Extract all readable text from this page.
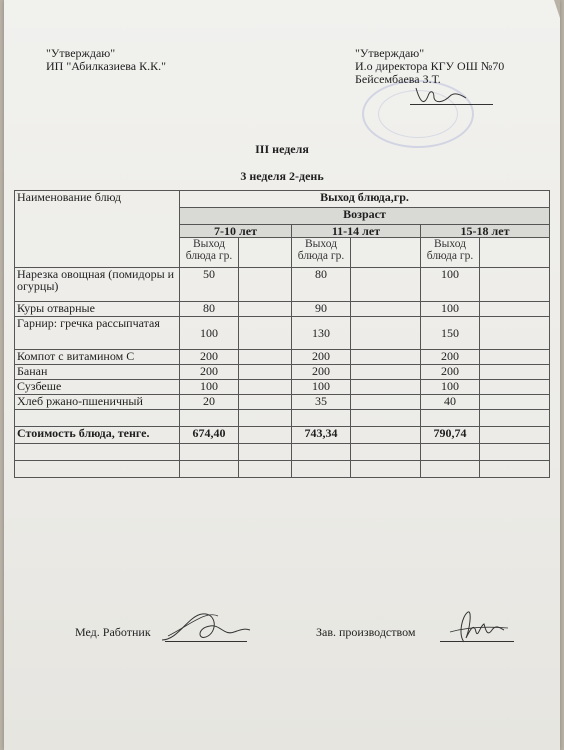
"Утверждаю"
ИП "Абилказиева К.К."
"Утверждаю"
И.о директора КГУ ОШ №70
Бейсембаева З.Т.
III неделя
3 неделя 2-день
Наименование блюд	Выход блюда,гр.					
	Возраст					
	7-10 лет		11-14 лет		15-18 лет	
	Выход блюда гр.		Выход блюда гр.		Выход блюда гр.	
Нарезка овощная (помидоры и огурцы)	50		80		100	
Куры отварные	80		90		100	
Гарнир: гречка рассыпчатая	100		130		150	
Компот с витамином С	200		200		200	
Банан	200		200		200	
Сузбеше	100		100		100	
Хлеб ржано-пшеничный	20		35		40	

Стоимость блюда, тенге.	674,40		743,34		790,74	

Мед. Работник	Зав. производством
